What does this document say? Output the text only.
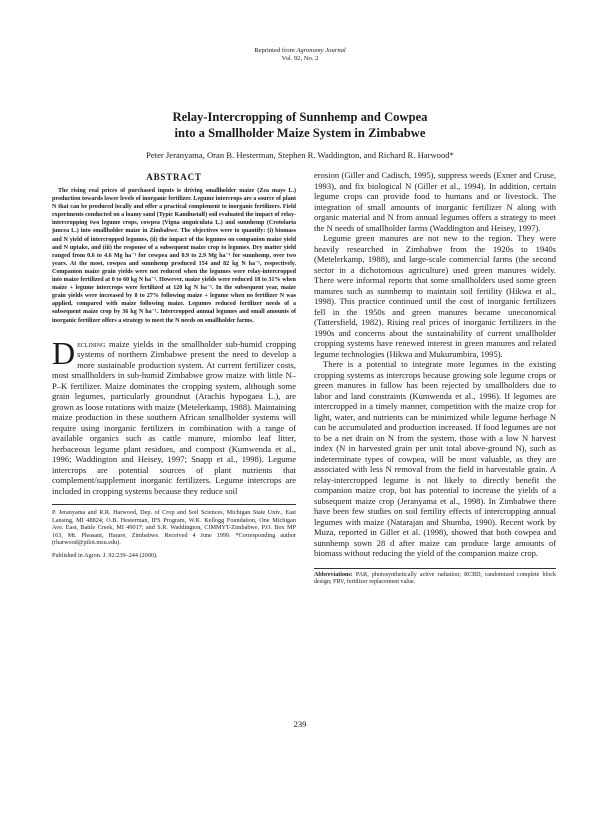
Reprinted from Agronomy Journal
Vol. 92, No. 2
Relay-Intercropping of Sunnhemp and Cowpea
into a Smallholder Maize System in Zimbabwe
Peter Jeranyama, Oran B. Hesterman, Stephen R. Waddington, and Richard R. Harwood*
ABSTRACT

The rising real prices of purchased inputs is driving smallholder maize (Zea mays L.) production towards lower levels of inorganic fertilizer. Legume intercrops are a source of plant N that can be produced locally and offer a practical complement to inorganic fertilizers. Field experiments conducted on a loamy sand (Typic Kandiustalf) soil evaluated the impact of relay-intercropping two legume crops, cowpea (Vigna unguiculata L.) and sunnhemp (Crotolaria juncea L.) into smallholder maize in Zimbabwe. The objectives were to quantify: (i) biomass and N yield of intercropped legumes, (ii) the impact of the legumes on companion maize yield and N uptake, and (iii) the response of a subsequent maize crop to legumes. Dry matter yield ranged from 0.6 to 4.6 Mg ha⁻¹ for cowpea and 0.9 to 2.9 Mg ha⁻¹ for sunnhemp, over two years. At the most, cowpea and sunnhemp produced 154 and 82 kg N ha⁻¹, respectively. Companion maize grain yields were not reduced when the legumes were relay-intercropped into maize fertilized at 0 to 60 kg N ha⁻¹. However, maize yields were reduced 18 to 31% when maize + legume intercrops were fertilized at 120 kg N ha⁻¹. In the subsequent year, maize grain yields were increased by 8 to 27% following maize + legume when no fertilizer N was applied, compared with maize following maize. Legumes reduced fertilizer needs of a subsequent maize crop by 36 kg N ha⁻¹. Intercropped annual legumes and small amounts of inorganic fertilizer offers a strategy to meet the N needs on smallholder farms.

Declining maize yields in the smallholder sub-humid cropping systems of northern Zimbabwe present the need to develop a more sustainable production system. At current fertilizer costs, most smallholders in sub-humid Zimbabwe grow maize with little N–P–K fertilizer. Maize dominates the cropping system, although some grain legumes, particularly groundnut (Arachis hypogaea L.), are grown as loose rotations with maize (Metelerkamp, 1988). Maintaining maize production in these southern African smallholder systems will require using inorganic fertilizers in combination with a range of available organics such as cattle manure, miombo leaf litter, herbaceous legume plant residues, and compost (Kumwenda et al., 1996; Waddington and Heisey, 1997; Snapp et al., 1998). Legume intercrops are potential sources of plant nutrients that complement/supplement inorganic fertilizers. Legume intercrops are included in cropping systems because they reduce soil

P. Jeranyama and R.R. Harwood, Dep. of Crop and Soil Sciences, Michigan State Univ., East Lansing, MI 48824; O.B. Hesterman, IFS Program, W.K. Kellogg Foundation, One Michigan Ave. East, Battle Creek, MI 49017; and S.R. Waddington, CIMMYT-Zimbabwe, P.O. Box MP 163, Mt. Pleasant, Harare, Zimbabwe. Received 4 June 1999. *Corresponding author (rharwood@pilot.msu.edu).

Published in Agron. J. 92:239–244 (2000).

erosion (Giller and Cadisch, 1995), suppress weeds (Exner and Cruse, 1993), and fix biological N (Giller et al., 1994). In addition, certain legume crops can provide food to humans and or livestock. The integration of small amounts of inorganic fertilizer N along with organic material and N from annual legumes offers a strategy to meet the N needs of smallholder farms (Waddington and Heisey, 1997).

Legume green manures are not new to the region. They were heavily researched in Zimbabwe from the 1920s to 1940s (Metelerkamp, 1988), and large-scale commercial farms (the second sector in a dichotomous agriculture) used green manures widely. There were informal reports that some smallholders used some green manures such as sunnhemp to maintain soil fertility (Hikwa et al., 1998). This practice continued until the cost of inorganic fertilizers fell in the 1950s and green manures became uneconomical (Tattersfield, 1982). Rising real prices of inorganic fertilizers in the 1990s and concerns about the sustainability of current smallholder cropping systems have renewed interest in green manures and related legume technologies (Hikwa and Mukurumbira, 1995).

There is a potential to integrate more legumes in the existing cropping systems as intercrops because growing sole legume crops or green manures in fallow has been rejected by smallholders due to labor and land constraints (Kumwenda et al., 1996). If legumes are intercropped in a timely manner, competition with the maize crop for light, water, and nutrients can be minimized while legume herbage N can be accumulated and production increased. If food legumes are not to be a net drain on N from the system, those with a low N harvest index (N in harvested grain per unit total above-ground N), such as indeterminate types of cowpea, will be most valuable, as they are associated with less N removal from the field in harvestable grain. A relay-intercropped legume is not likely to directly benefit the companion maize crop, but has potential to increase the yields of a subsequent maize crop (Jeranyama et al., 1998). In Zimbabwe there have been few studies on soil fertility effects of intercropping annual legumes with maize (Natarajan and Shumba, 1990). Recent work by Muza, reported in Giller et al. (1998), showed that both cowpea and sunnhemp sown 28 d after maize can produce large amounts of biomass without reducing the yield of the companion maize crop.

Abbreviations: PAR, photosynthetically active radiation; RCBD, randomized complete block design; FRV, fertilizer replacement value.

239
